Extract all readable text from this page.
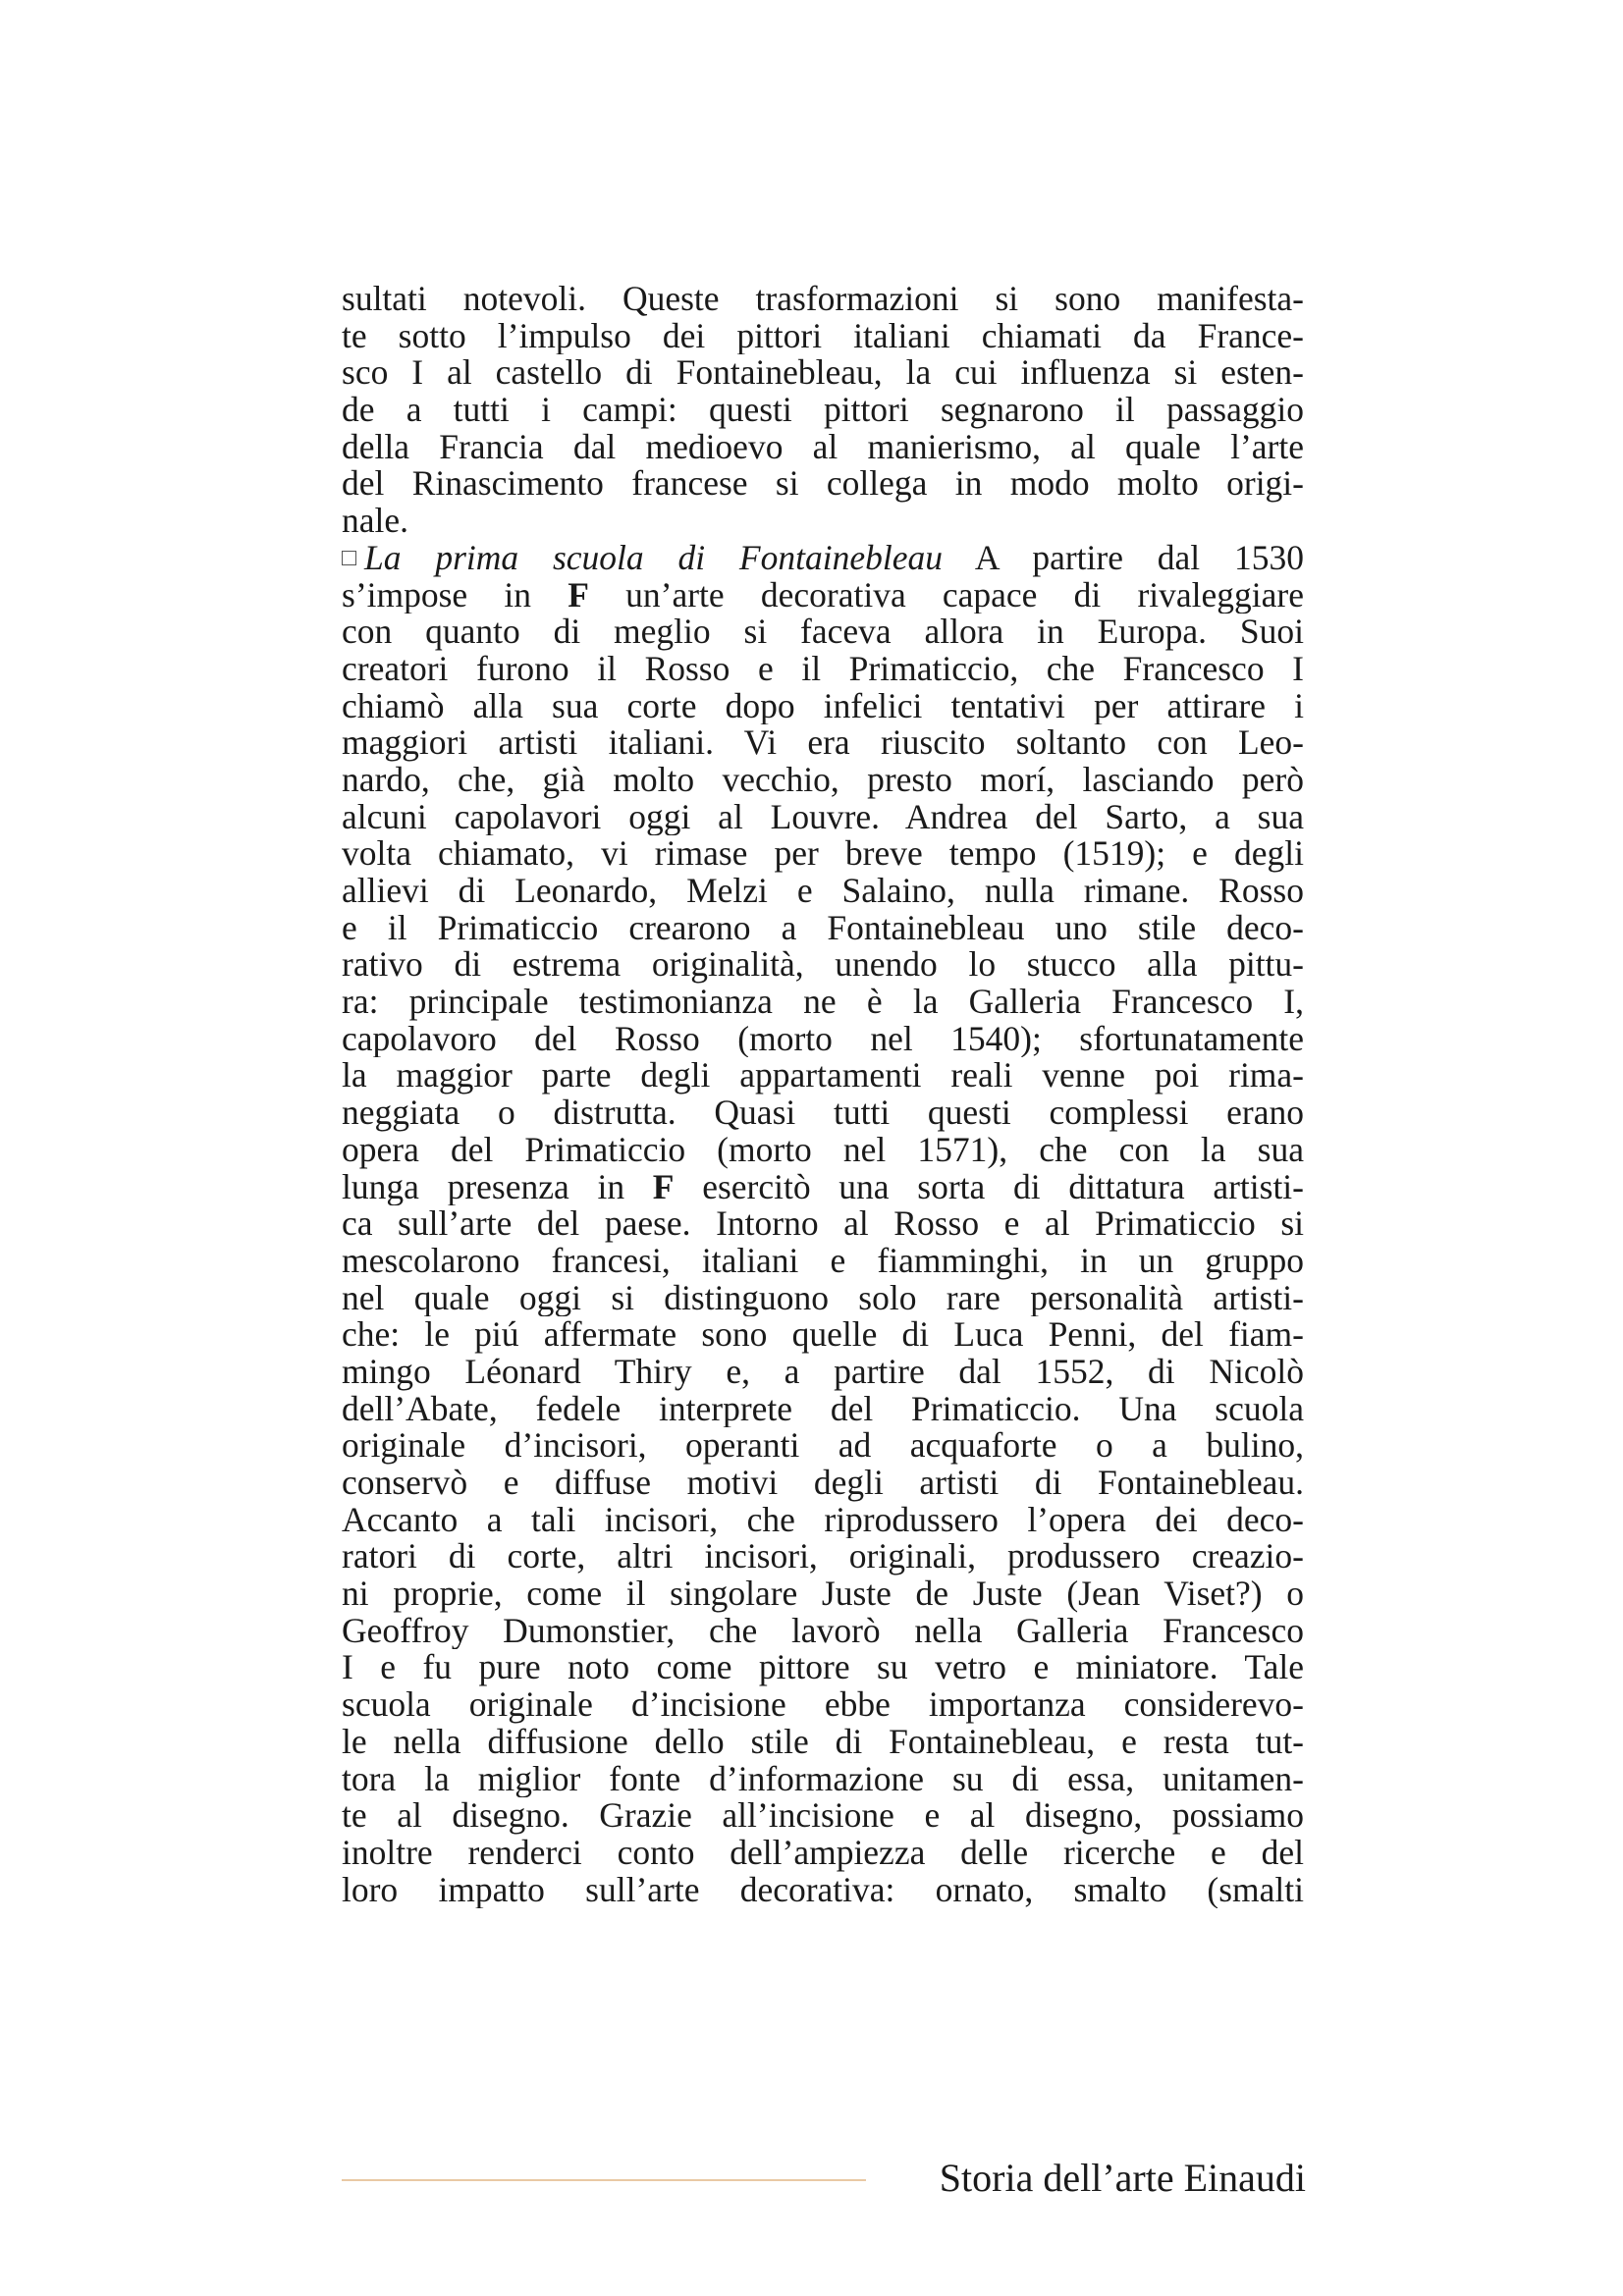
sultati notevoli. Queste trasformazioni si sono manifesta-
te sotto l’impulso dei pittori italiani chiamati da France-
sco I al castello di Fontainebleau, la cui influenza si esten-
de a tutti i campi: questi pittori segnarono il passaggio
della Francia dal medioevo al manierismo, al quale l’arte
del Rinascimento francese si collega in modo molto origi-
nale.
La prima scuola di Fontainebleau A partire dal 1530
s’impose in F un’arte decorativa capace di rivaleggiare
con quanto di meglio si faceva allora in Europa. Suoi
creatori furono il Rosso e il Primaticcio, che Francesco I
chiamò alla sua corte dopo infelici tentativi per attirare i
maggiori artisti italiani. Vi era riuscito soltanto con Leo-
nardo, che, già molto vecchio, presto morí, lasciando però
alcuni capolavori oggi al Louvre. Andrea del Sarto, a sua
volta chiamato, vi rimase per breve tempo (1519); e degli
allievi di Leonardo, Melzi e Salaino, nulla rimane. Rosso
e il Primaticcio crearono a Fontainebleau uno stile deco-
rativo di estrema originalità, unendo lo stucco alla pittu-
ra: principale testimonianza ne è la Galleria Francesco I,
capolavoro del Rosso (morto nel 1540); sfortunatamente
la maggior parte degli appartamenti reali venne poi rima-
neggiata o distrutta. Quasi tutti questi complessi erano
opera del Primaticcio (morto nel 1571), che con la sua
lunga presenza in F esercitò una sorta di dittatura artisti-
ca sull’arte del paese. Intorno al Rosso e al Primaticcio si
mescolarono francesi, italiani e fiamminghi, in un gruppo
nel quale oggi si distinguono solo rare personalità artisti-
che: le piú affermate sono quelle di Luca Penni, del fiam-
mingo Léonard Thiry e, a partire dal 1552, di Nicolò
dell’Abate, fedele interprete del Primaticcio. Una scuola
originale d’incisori, operanti ad acquaforte o a bulino,
conservò e diffuse motivi degli artisti di Fontainebleau.
Accanto a tali incisori, che riprodussero l’opera dei deco-
ratori di corte, altri incisori, originali, produssero creazio-
ni proprie, come il singolare Juste de Juste (Jean Viset?) o
Geoffroy Dumonstier, che lavorò nella Galleria Francesco
I e fu pure noto come pittore su vetro e miniatore. Tale
scuola originale d’incisione ebbe importanza considerevo-
le nella diffusione dello stile di Fontainebleau, e resta tut-
tora la miglior fonte d’informazione su di essa, unitamen-
te al disegno. Grazie all’incisione e al disegno, possiamo
inoltre renderci conto dell’ampiezza delle ricerche e del
loro impatto sull’arte decorativa: ornato, smalto (smalti
Storia dell’arte Einaudi
